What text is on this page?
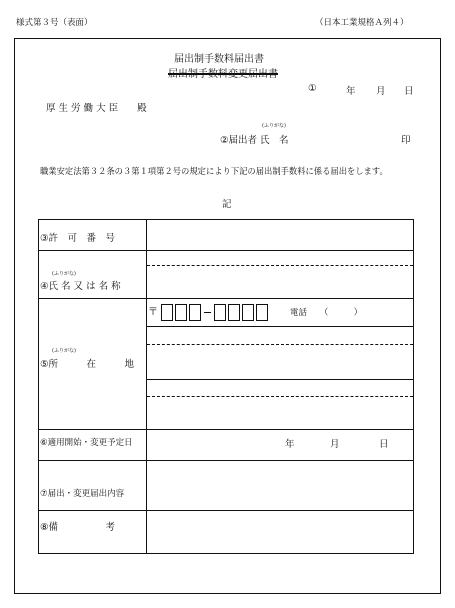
様式第３号（表面）	（日本工業規格Ａ列４）
届出制手数料届出書
届出制手数料変更届出書
①	年 月 日
厚 生 労 働 大 臣　　殿
(ふりがな)
②届出者 氏　名	印
職業安定法第３２条の３第１項第２号の規定により下記の届出制手数料に係る届出をします。
記
③許　可　番　号
(ふりがな)
④氏 名 又 は 名 称
(ふりがな)
⑤所　　　在　　　地
〒	電話　　（　　　）
⑥適用開始・変更予定日	年	月	日
⑦届出・変更届出内容
⑧備　　　　　考
